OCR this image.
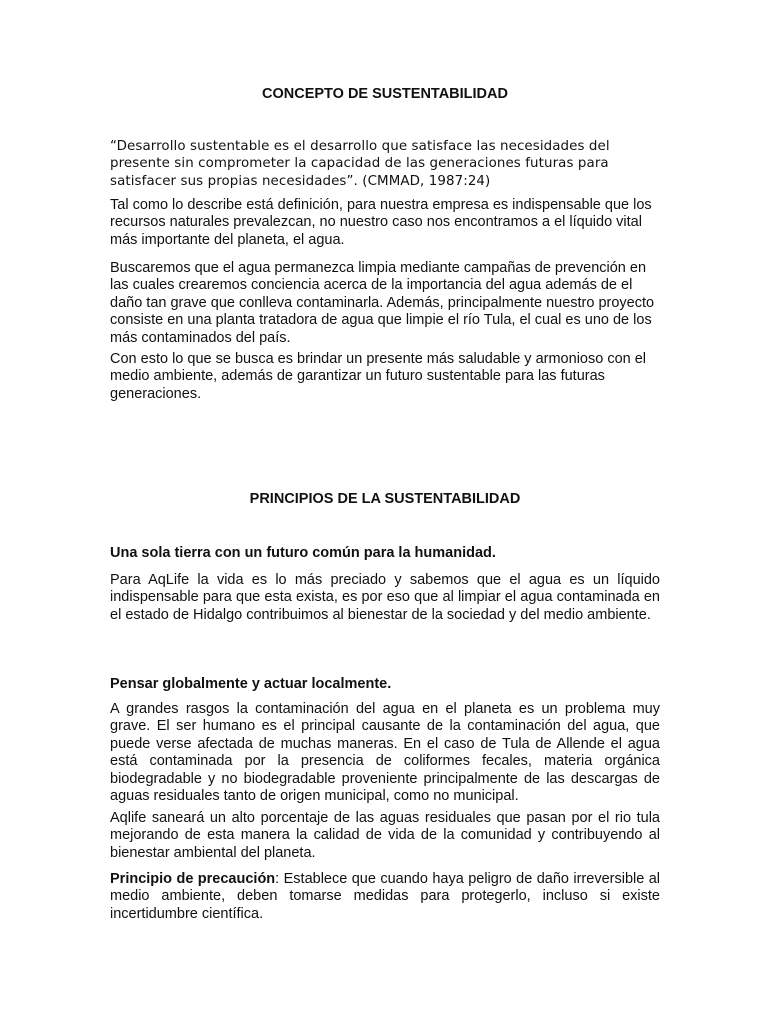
CONCEPTO DE SUSTENTABILIDAD

“Desarrollo sustentable es el desarrollo que satisface las necesidades del presente sin comprometer la capacidad de las generaciones futuras para satisfacer sus propias necesidades”. (CMMAD, 1987:24)

Tal como lo describe está definición, para nuestra empresa es indispensable que los recursos naturales prevalezcan, no nuestro caso nos encontramos a el líquido vital más importante del planeta, el agua.

Buscaremos que el agua permanezca limpia mediante campañas de prevención en las cuales crearemos conciencia acerca de la importancia del agua además de el daño tan grave que conlleva contaminarla. Además, principalmente nuestro proyecto consiste en una planta tratadora de agua que limpie el río Tula, el cual es uno de los más contaminados del país.

Con esto lo que se busca es brindar un presente más saludable y armonioso con el medio ambiente, además de garantizar un futuro sustentable para las futuras generaciones.

PRINCIPIOS DE LA SUSTENTABILIDAD

Una sola tierra con un futuro común para la humanidad.

Para AqLife la vida es lo más preciado y sabemos que el agua es un líquido indispensable para que esta exista, es por eso que al limpiar el agua contaminada en el estado de Hidalgo contribuimos al bienestar de la sociedad y del medio ambiente.

Pensar globalmente y actuar localmente.

A grandes rasgos la contaminación del agua en el planeta es un problema muy grave. El ser humano es el principal causante de la contaminación del agua, que puede verse afectada de muchas maneras. En el caso de Tula de Allende el agua está contaminada por la presencia de coliformes fecales, materia orgánica biodegradable y no biodegradable proveniente principalmente de las descargas de aguas residuales tanto de origen municipal, como no municipal.

Aqlife saneará un alto porcentaje de las aguas residuales que pasan por el rio tula mejorando de esta manera la calidad de vida de la comunidad y contribuyendo al bienestar ambiental del planeta.

Principio de precaución: Establece que cuando haya peligro de daño irreversible al medio ambiente, deben tomarse medidas para protegerlo, incluso si existe incertidumbre científica.
